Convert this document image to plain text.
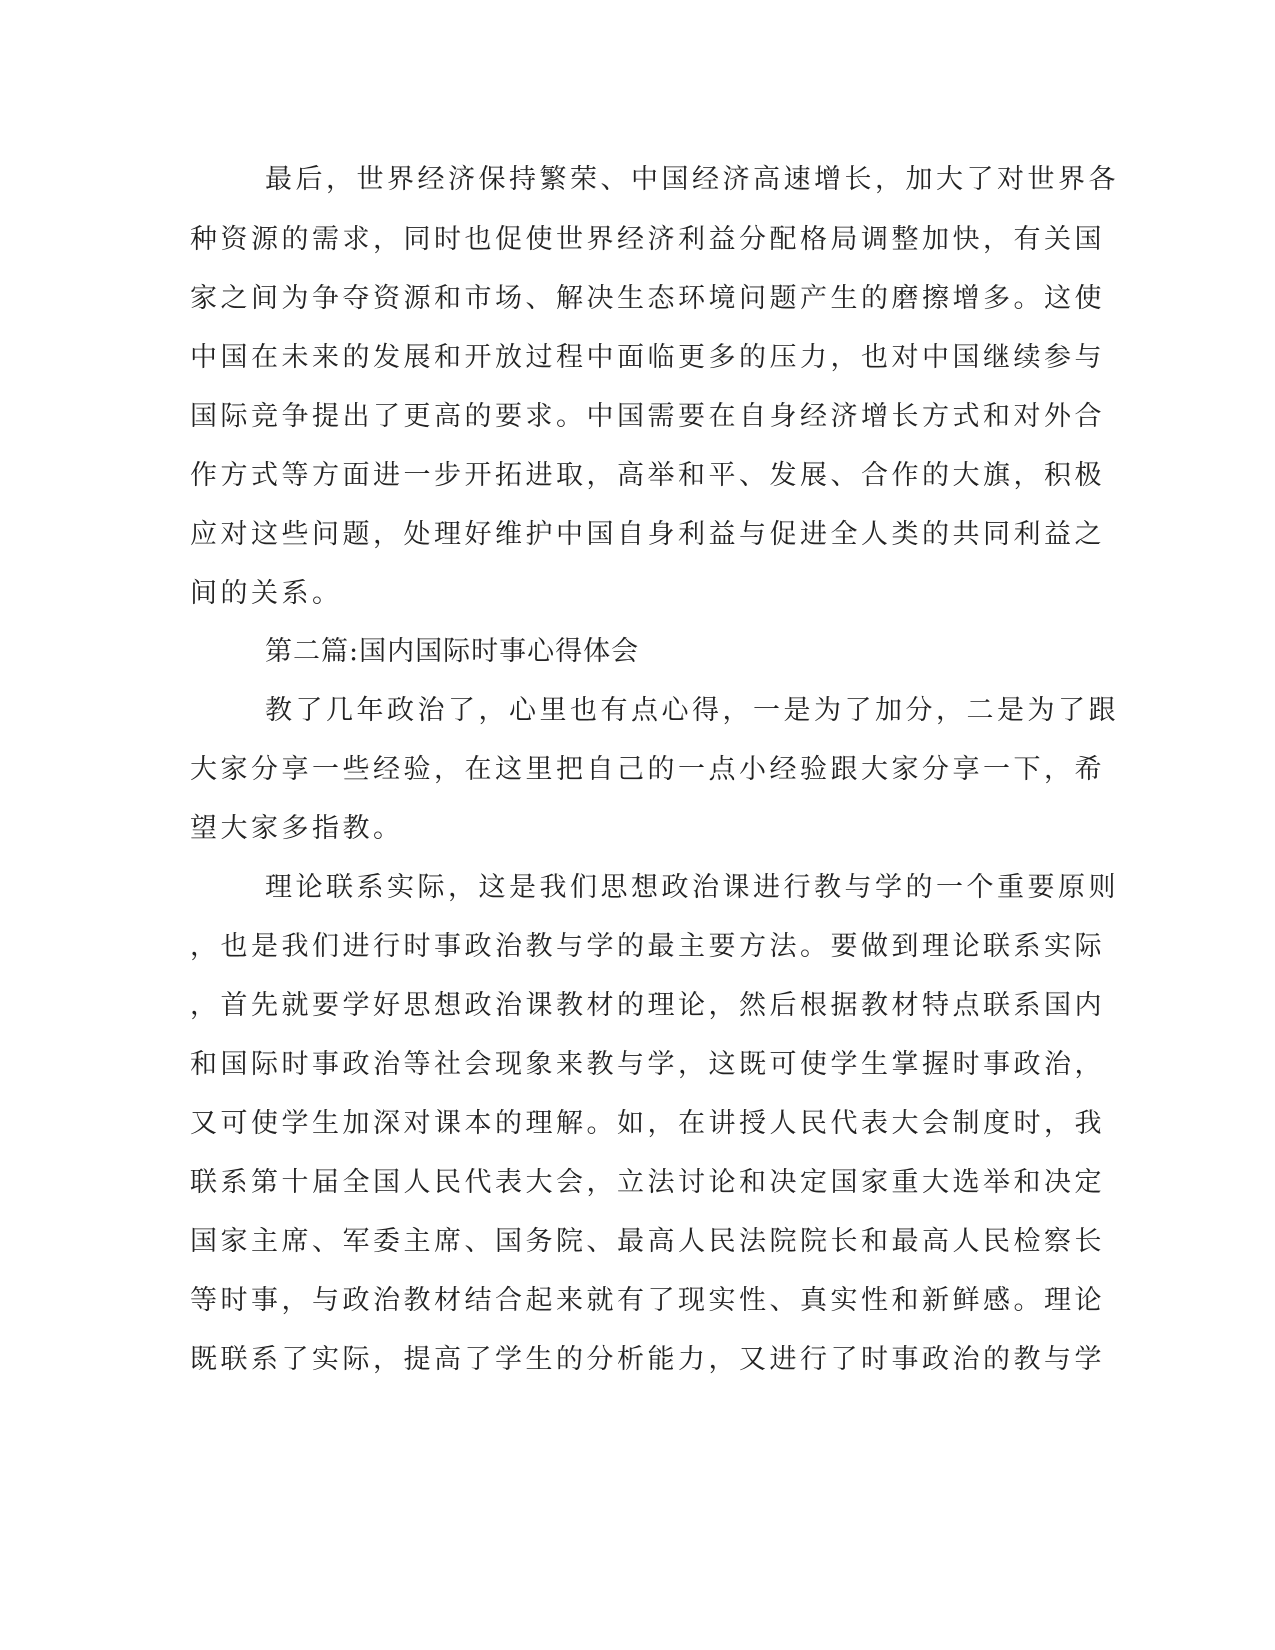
最后，世界经济保持繁荣、中国经济高速增长，加大了对世界各
种资源的需求，同时也促使世界经济利益分配格局调整加快，有关国
家之间为争夺资源和市场、解决生态环境问题产生的磨擦增多。这使
中国在未来的发展和开放过程中面临更多的压力，也对中国继续参与
国际竞争提出了更高的要求。中国需要在自身经济增长方式和对外合
作方式等方面进一步开拓进取，高举和平、发展、合作的大旗，积极
应对这些问题，处理好维护中国自身利益与促进全人类的共同利益之
间的关系。
第二篇:国内国际时事心得体会
教了几年政治了，心里也有点心得，一是为了加分，二是为了跟
大家分享一些经验，在这里把自己的一点小经验跟大家分享一下，希
望大家多指教。
理论联系实际，这是我们思想政治课进行教与学的一个重要原则
，也是我们进行时事政治教与学的最主要方法。要做到理论联系实际
，首先就要学好思想政治课教材的理论，然后根据教材特点联系国内
和国际时事政治等社会现象来教与学，这既可使学生掌握时事政治，
又可使学生加深对课本的理解。如，在讲授人民代表大会制度时，我
联系第十届全国人民代表大会，立法讨论和决定国家重大选举和决定
国家主席、军委主席、国务院、最高人民法院院长和最高人民检察长
等时事，与政治教材结合起来就有了现实性、真实性和新鲜感。理论
既联系了实际，提高了学生的分析能力，又进行了时事政治的教与学
